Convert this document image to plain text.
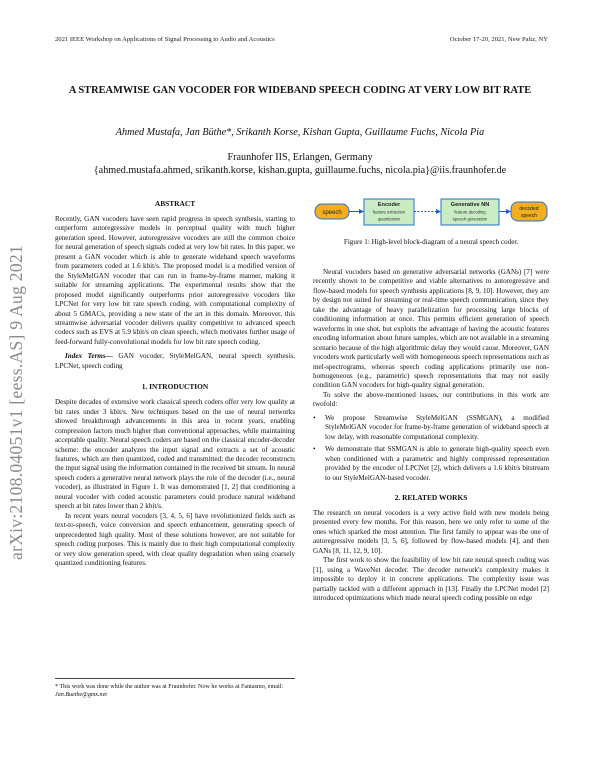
2021 IEEE Workshop on Applications of Signal Processing to Audio and Acoustics	October 17-20, 2021, New Paltz, NY
arXiv:2108.04051v1 [eess.AS] 9 Aug 2021
A STREAMWISE GAN VOCODER FOR WIDEBAND SPEECH CODING AT VERY LOW BIT RATE
Ahmed Mustafa, Jan Büthe*, Srikanth Korse, Kishan Gupta, Guillaume Fuchs, Nicola Pia
Fraunhofer IIS, Erlangen, Germany
{ahmed.mustafa.ahmed, srikanth.korse, kishan.gupta, guillaume.fuchs, nicola.pia}@iis.fraunhofer.de

ABSTRACT

Recently, GAN vocoders have seen rapid progress in speech synthesis, starting to outperform autoregressive models in perceptual quality with much higher generation speed. However, autoregressive vocoders are still the common choice for neural generation of speech signals coded at very low bit rates. In this paper, we present a GAN vocoder which is able to generate wideband speech waveforms from parameters coded at 1.6 kbit/s. The proposed model is a modified version of the StyleMelGAN vocoder that can run in frame-by-frame manner, making it suitable for streaming applications. The experimental results show that the proposed model significantly outperforms prior autoregressive vocoders like LPCNet for very low bit rate speech coding, with computational complexity of about 5 GMACs, providing a new state of the art in this domain. Moreover, this streamwise adversarial vocoder delivers quality competitive to advanced speech codecs such as EVS at 5.9 kbit/s on clean speech, which motivates further usage of feed-forward fully-convolutional models for low bit rate speech coding.

Index Terms— GAN vocoder, StyleMelGAN, neural speech synthesis, LPCNet, speech coding

1. INTRODUCTION

Despite decades of extensive work classical speech coders offer very low quality at bit rates under 3 kbit/s. New techniques based on the use of neural networks showed breakthrough advancements in this area in recent years, enabling compression factors much higher than conventional approaches, while maintaining acceptable quality. Neural speech coders are based on the classical encoder-decoder scheme: the encoder analyzes the input signal and extracts a set of acoustic features, which are then quantized, coded and transmitted; the decoder reconstructs the input signal using the information contained in the received bit stream. In neural speech coders a generative neural network plays the role of the decoder (i.e., neural vocoder), as illustrated in Figure 1. It was demonstrated [1, 2] that conditioning a neural vocoder with coded acoustic parameters could produce natural wideband speech at bit rates lower than 2 kbit/s.

In recent years neural vocoders [3, 4, 5, 6] have revolutionized fields such as text-to-speech, voice conversion and speech enhancement, generating speech of unprecedented high quality. Most of these solutions however, are not suitable for speech coding purposes. This is mainly due to their high computational complexity or very slow generation speed, with clear quality degradation when using coarsely quantized conditioning features.

* This work was done while the author was at Fraunhofer. Now he works at Fantasmo, email: Jan.Buethe@gmx.net
speech
Encoder
feature extraction
quantization
Generative NN
feature decoding
speech generation
decoded
speech
Figure 1: High-level block-diagram of a neural speech coder.

Neural vocoders based on generative adversarial networks (GANs) [7] were recently shown to be competitive and viable alternatives to autoregressive and flow-based models for speech synthesis applications [8, 9, 10]. However, they are by design not suited for streaming or real-time speech communication, since they take the advantage of heavy parallelization for processing large blocks of conditioning information at once. This permits efficient generation of speech waveforms in one shot, but exploits the advantage of having the acoustic features encoding information about future samples, which are not available in a streaming scenario because of the high algorithmic delay they would cause. Moreover, GAN vocoders work particularly well with homogeneous speech representations such as mel-spectrograms, whereas speech coding applications primarily use non-homogeneous (e.g., parametric) speech representations that may not easily condition GAN vocoders for high-quality signal generation.

To solve the above-mentioned issues, our contributions in this work are twofold:

•	We propose Streamwise StyleMelGAN (SSMGAN), a modified StyleMelGAN vocoder for frame-by-frame generation of wideband speech at low delay, with reasonable computational complexity.
•	We demonstrate that SSMGAN is able to generate high-quality speech even when conditioned with a parametric and highly compressed representation provided by the encoder of LPCNet [2], which delivers a 1.6 kbit/s bitstream to our StyleMelGAN-based vocoder.

2. RELATED WORKS

The research on neural vocoders is a very active field with new models being presented every few months. For this reason, here we only refer to some of the ones which sparked the most attention. The first family to appear was the one of autoregressive models [3, 5, 6], followed by flow-based models [4], and then GANs [8, 11, 12, 9, 10].

The first work to show the feasibility of low bit rate neural speech coding was [1], using a WaveNet decoder. The decoder network's complexity makes it impossible to deploy it in concrete applications. The complexity issue was partially tackled with a different approach in [13]. Finally the LPCNet model [2] introduced optimizations which made neural speech coding possible on edge
